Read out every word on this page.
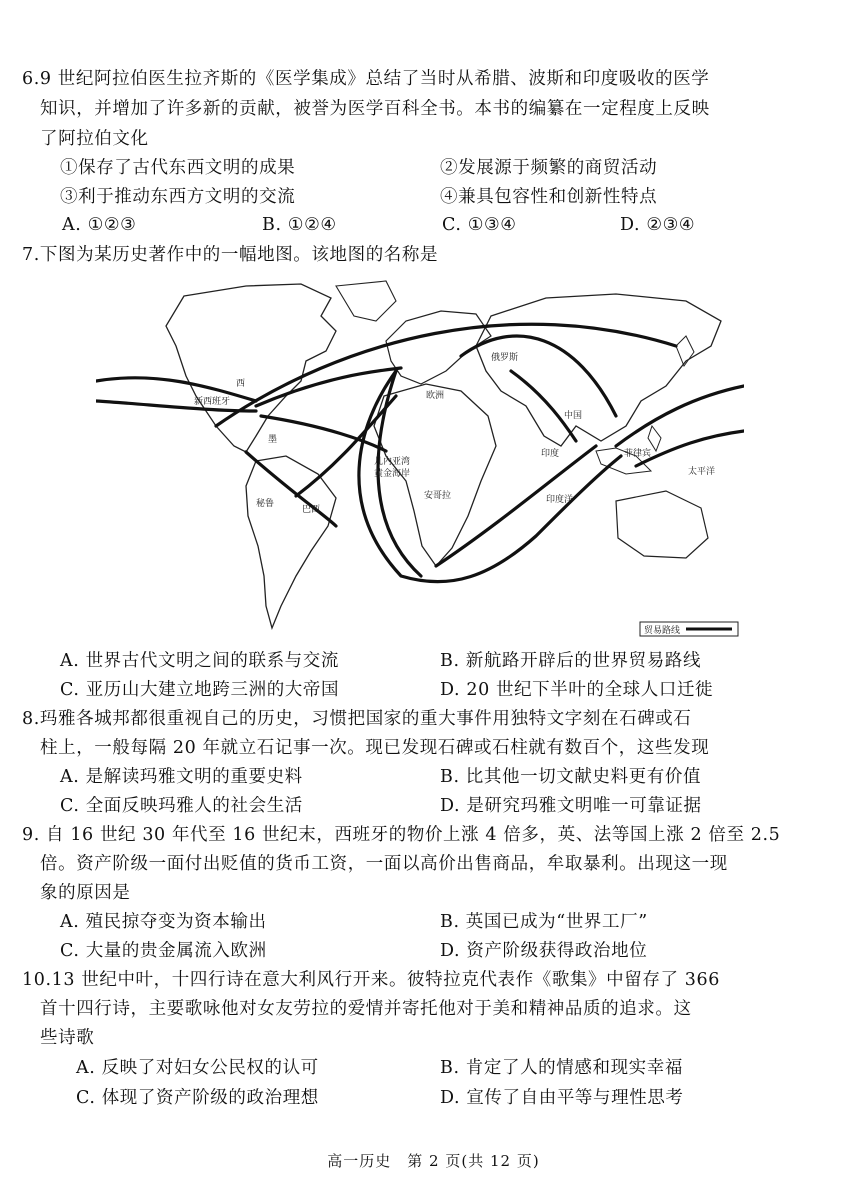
6.9 世纪阿拉伯医生拉齐斯的《医学集成》总结了当时从希腊、波斯和印度吸收的医学
知识，并增加了许多新的贡献，被誉为医学百科全书。本书的编纂在一定程度上反映
了阿拉伯文化
①保存了古代东西文明的成果	②发展源于频繁的商贸活动
③利于推动东西方文明的交流	④兼具包容性和创新性特点
A. ①②③	B. ①②④	C. ①③④	D. ②③④
7.下图为某历史著作中的一幅地图。该地图的名称是
俄罗斯
西
新西班牙
中国
太平洋
印度洋
巴西
秘鲁
几内亚湾
黄金海岸
菲律宾
印度
墨
欧洲
安哥拉
贸易路线
A. 世界古代文明之间的联系与交流	B. 新航路开辟后的世界贸易路线
C. 亚历山大建立地跨三洲的大帝国	D. 20 世纪下半叶的全球人口迁徙
8.玛雅各城邦都很重视自己的历史，习惯把国家的重大事件用独特文字刻在石碑或石
柱上，一般每隔 20 年就立石记事一次。现已发现石碑或石柱就有数百个，这些发现
A. 是解读玛雅文明的重要史料	B. 比其他一切文献史料更有价值
C. 全面反映玛雅人的社会生活	D. 是研究玛雅文明唯一可靠证据
9. 自 16 世纪 30 年代至 16 世纪末，西班牙的物价上涨 4 倍多，英、法等国上涨 2 倍至 2.5
倍。资产阶级一面付出贬值的货币工资，一面以高价出售商品，牟取暴利。出现这一现
象的原因是
A. 殖民掠夺变为资本输出	B. 英国已成为“世界工厂”
C. 大量的贵金属流入欧洲	D. 资产阶级获得政治地位
10.13 世纪中叶，十四行诗在意大利风行开来。彼特拉克代表作《歌集》中留存了 366
首十四行诗，主要歌咏他对女友劳拉的爱情并寄托他对于美和精神品质的追求。这
些诗歌
A. 反映了对妇女公民权的认可	B. 肯定了人的情感和现实幸福
C. 体现了资产阶级的政治理想	D. 宣传了自由平等与理性思考
高一历史　第 2 页(共 12 页)
